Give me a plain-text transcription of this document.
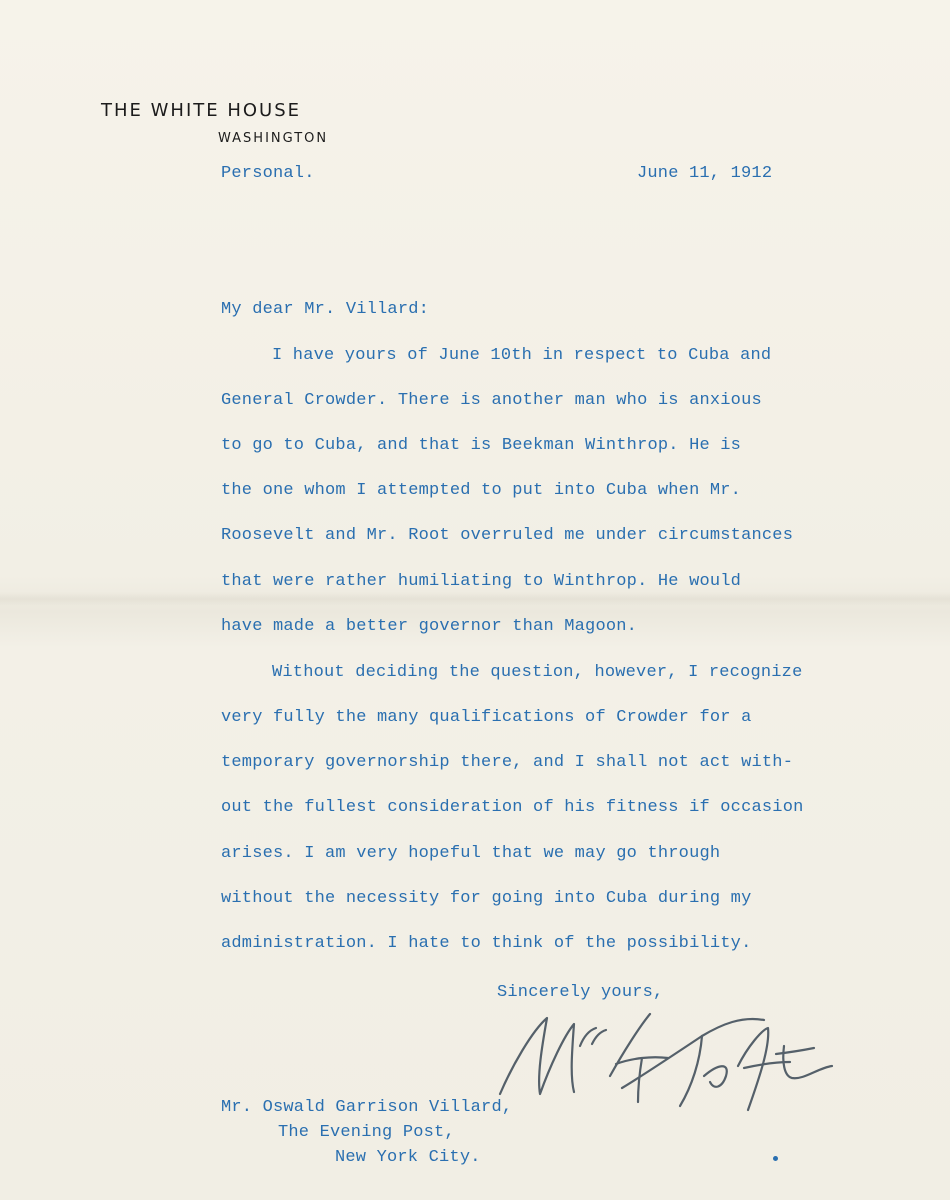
THE WHITE HOUSE
WASHINGTON
Personal.	June 11, 1912
My dear Mr. Villard:
I have yours of June 10th in respect to Cuba and
General Crowder. There is another man who is anxious
to go to Cuba, and that is Beekman Winthrop. He is
the one whom I attempted to put into Cuba when Mr.
Roosevelt and Mr. Root overruled me under circumstances
that were rather humiliating to Winthrop. He would
have made a better governor than Magoon.
Without deciding the question, however, I recognize
very fully the many qualifications of Crowder for a
temporary governorship there, and I shall not act with-
out the fullest consideration of his fitness if occasion
arises. I am very hopeful that we may go through
without the necessity for going into Cuba during my
administration. I hate to think of the possibility.
Sincerely yours,
Mr. Oswald Garrison Villard,
The Evening Post,
New York City.
